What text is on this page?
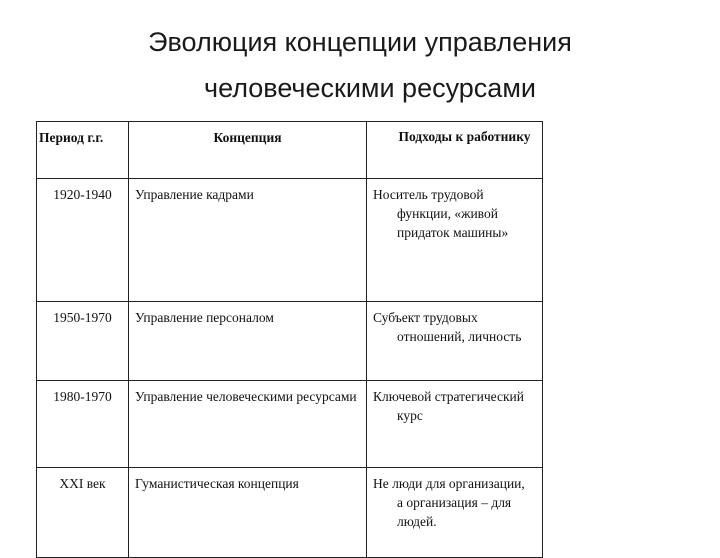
Эволюция концепции управления
человеческими ресурсами
Период г.г.	Концепция	Подходы к работнику
1920-1940	Управление кадрами	Носитель трудовой функции, «живой придаток машины»

1950-1970	Управление персоналом	Субъект трудовых отношений, личность

1980-1970	Управление человеческими ресурсами	Ключевой стратегический курс

XXI век	Гуманистическая концепция	Не люди для организации, а организация – для людей.
